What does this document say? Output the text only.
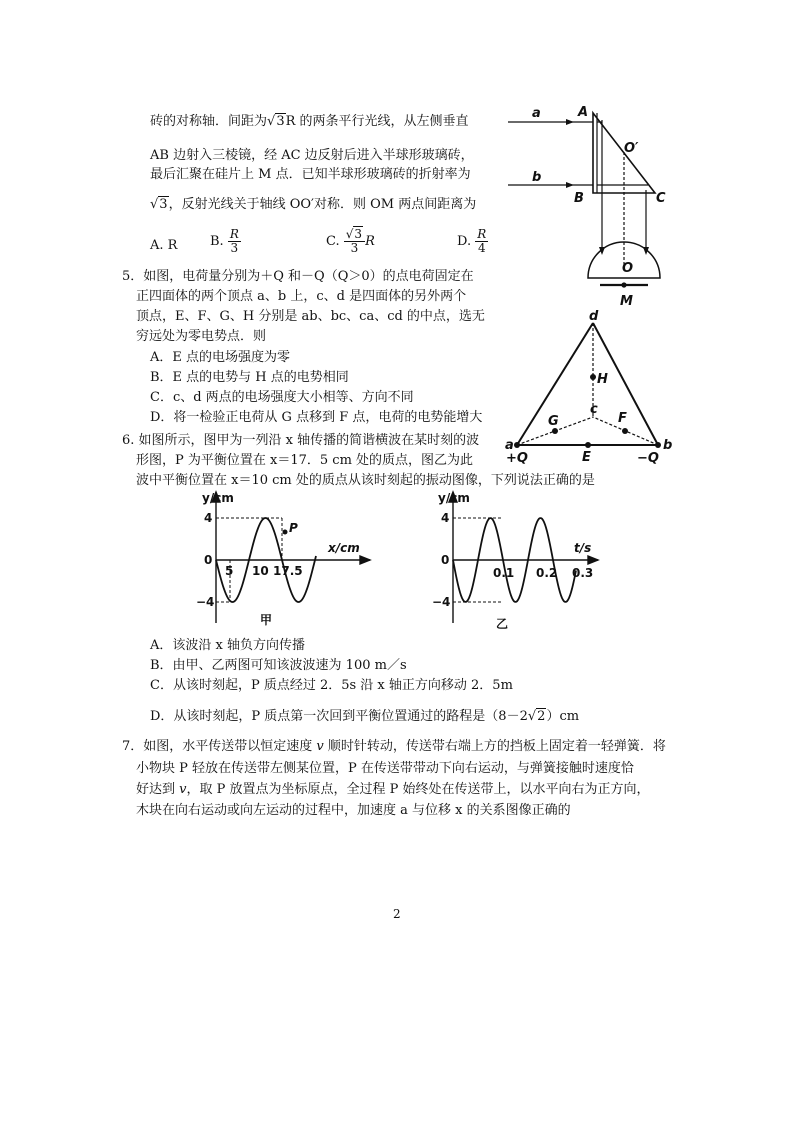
砖的对称轴．间距为√3R 的两条平行光线，从左侧垂直
AB 边射入三棱镜，经 AC 边反射后进入半球形玻璃砖，
最后汇聚在硅片上 M 点．已知半球形玻璃砖的折射率为
√3，反射光线关于轴线 OO′对称．则 OM 两点间距离为
A. R	B. $\frac{R}{3}$	C. $\frac{√3}{3}$ R	D. $\frac{R}{4}$
a
b
A
B	C
O′
O
M
5．如图，电荷量分别为＋Q 和－Q（Q＞0）的点电荷固定在
正四面体的两个顶点 a、b 上，c、d 是四面体的另外两个
顶点，E、F、G、H 分别是 ab、bc、ca、cd 的中点，选无
穷远处为零电势点．则
A．E 点的电场强度为零
B．E 点的电势与 H 点的电势相同
C．c、d 两点的电场强度大小相等、方向不同
D．将一检验正电荷从 G 点移到 F 点，电荷的电势能增大
d
H
c
G	F
a	b
E
+Q	−Q
6. 如图所示，图甲为一列沿 x 轴传播的简谐横波在某时刻的波
形图，P 为平衡位置在 x＝17．5 cm 处的质点，图乙为此
波中平衡位置在 x＝10 cm 处的质点从该时刻起的振动图像，下列说法正确的是
y/cm
x/cm
4
0
−4
5 10 17.5
P
甲
y/cm
t/s
4
0
−4
0.1 0.2 0.3
乙
A．该波沿 x 轴负方向传播
B．由甲、乙两图可知该波波速为 100 m／s
C．从该时刻起，P 质点经过 2．5s 沿 x 轴正方向移动 2．5m
D．从该时刻起，P 质点第一次回到平衡位置通过的路程是（8－2√2）cm
7．如图，水平传送带以恒定速度 v 顺时针转动，传送带右端上方的挡板上固定着一轻弹簧．将
小物块 P 轻放在传送带左侧某位置，P 在传送带带动下向右运动，与弹簧接触时速度恰
好达到 v，取 P 放置点为坐标原点，全过程 P 始终处在传送带上，以水平向右为正方向，
木块在向右运动或向左运动的过程中，加速度 a 与位移 x 的关系图像正确的
2
